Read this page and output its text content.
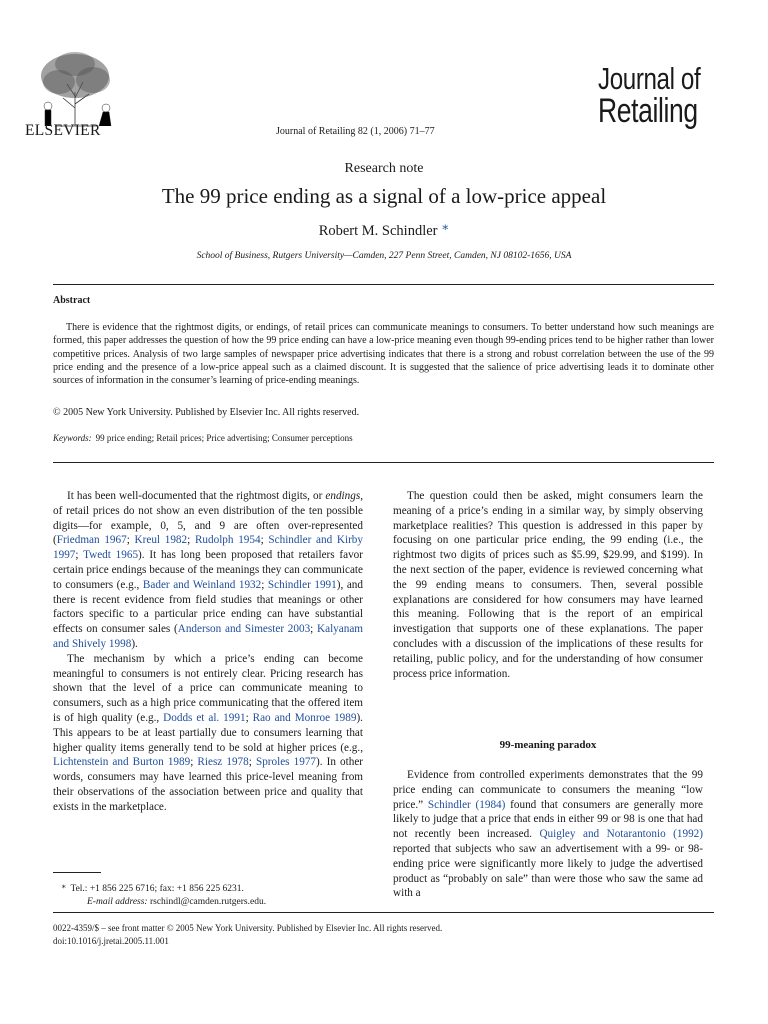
ELSEVIER	Journal of Retailing 82 (1, 2006) 71–77
Journal of
Retailing
Research note
The 99 price ending as a signal of a low-price appeal
Robert M. Schindler ∗
School of Business, Rutgers University—Camden, 227 Penn Street, Camden, NJ 08102-1656, USA
Abstract

There is evidence that the rightmost digits, or endings, of retail prices can communicate meanings to consumers. To better understand how such meanings are formed, this paper addresses the question of how the 99 price ending can have a low-price meaning even though 99-ending prices tend to be higher rather than lower competitive prices. Analysis of two large samples of newspaper price advertising indicates that there is a strong and robust correlation between the use of the 99 price ending and the presence of a low-price appeal such as a claimed discount. It is suggested that the salience of price advertising leads it to dominate other sources of information in the consumer’s learning of price-ending meanings.

© 2005 New York University. Published by Elsevier Inc. All rights reserved.
Keywords: 99 price ending; Retail prices; Price advertising; Consumer perceptions

It has been well-documented that the rightmost digits, or endings, of retail prices do not show an even distribution of the ten possible digits—for example, 0, 5, and 9 are often over-represented (Friedman 1967; Kreul 1982; Rudolph 1954; Schindler and Kirby 1997; Twedt 1965). It has long been proposed that retailers favor certain price endings because of the meanings they can communicate to consumers (e.g., Bader and Weinland 1932; Schindler 1991), and there is recent evidence from field studies that meanings or other factors specific to a particular price ending can have substantial effects on consumer sales (Anderson and Simester 2003; Kalyanam and Shively 1998).

The mechanism by which a price’s ending can become meaningful to consumers is not entirely clear. Pricing research has shown that the level of a price can communicate meaning to consumers, such as a high price communicating that the offered item is of high quality (e.g., Dodds et al. 1991; Rao and Monroe 1989). This appears to be at least partially due to consumers learning that higher quality items generally tend to be sold at higher prices (e.g., Lichtenstein and Burton 1989; Riesz 1978; Sproles 1977). In other words, consumers may have learned this price-level meaning from their observations of the association between price and quality that exists in the marketplace.

The question could then be asked, might consumers learn the meaning of a price’s ending in a similar way, by simply observing marketplace realities? This question is addressed in this paper by focusing on one particular price ending, the 99 ending (i.e., the rightmost two digits of prices such as $5.99, $29.99, and $199). In the next section of the paper, evidence is reviewed concerning what the 99 ending means to consumers. Then, several possible explanations are considered for how consumers may have learned this meaning. Following that is the report of an empirical investigation that supports one of these explanations. The paper concludes with a discussion of the implications of these results for retailing, public policy, and for the understanding of how consumer process price information.

99-meaning paradox

Evidence from controlled experiments demonstrates that the 99 price ending can communicate to consumers the meaning “low price.” Schindler (1984) found that consumers are generally more likely to judge that a price that ends in either 99 or 98 is one that had not recently been increased. Quigley and Notarantonio (1992) reported that subjects who saw an advertisement with a 99- or 98-ending price were significantly more likely to judge the advertised product as “probably on sale” than were those who saw the same ad with a

∗ Tel.: +1 856 225 6716; fax: +1 856 225 6231.
E-mail address: rschindl@camden.rutgers.edu.
0022-4359/$ – see front matter © 2005 New York University. Published by Elsevier Inc. All rights reserved.
doi:10.1016/j.jretai.2005.11.001
